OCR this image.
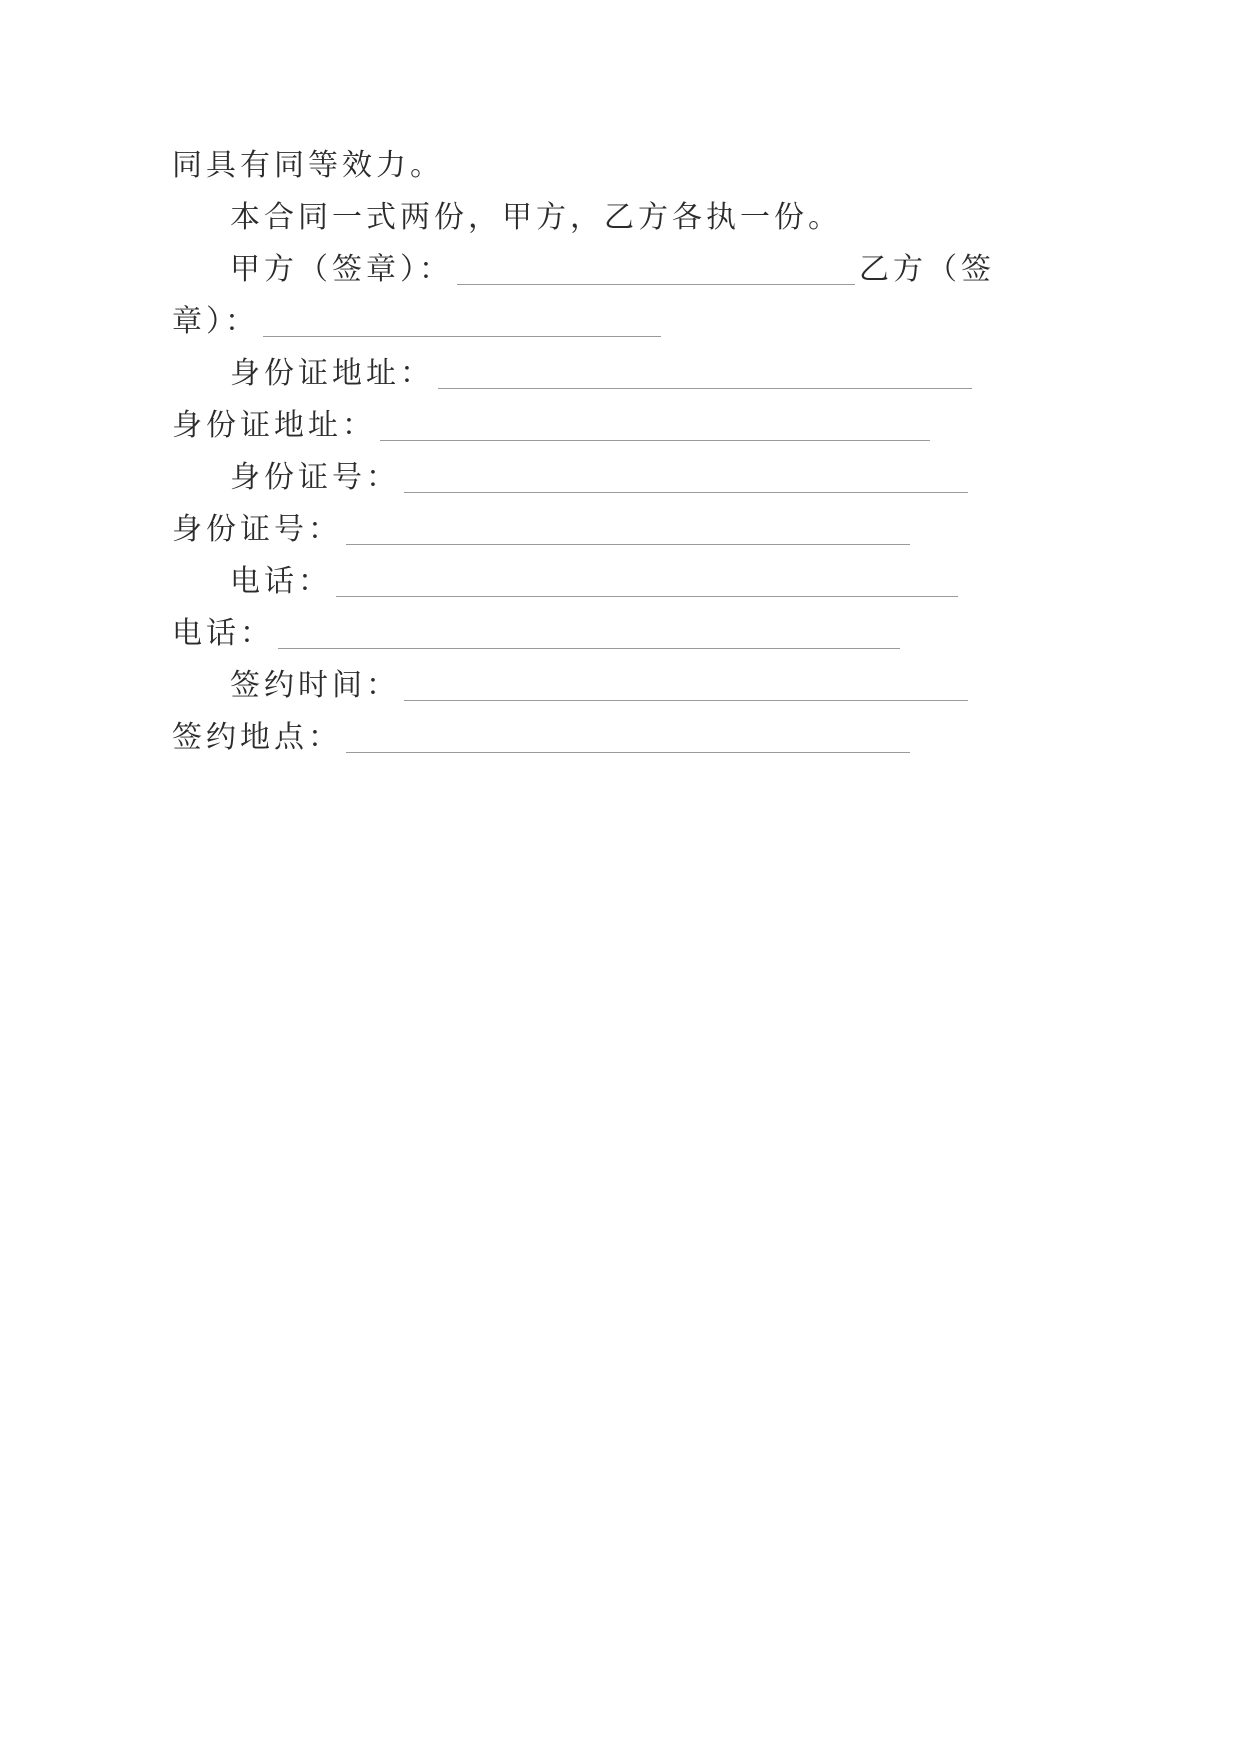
同具有同等效力。
本合同一式两份，甲方，乙方各执一份。
甲方（签章）：	乙方（签
章）：
身份证地址：
身份证地址：
身份证号：
身份证号：
电话：
电话：
签约时间：
签约地点：
